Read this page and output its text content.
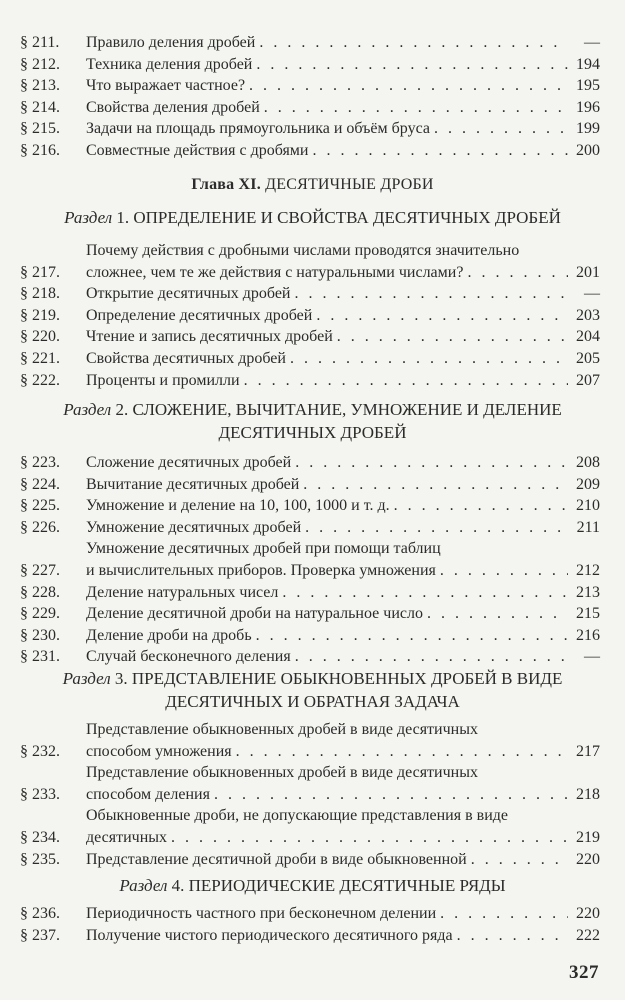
§ 211.	Правило деления дробей . . .	—
§ 212.	Техника деления дробей . . .	194
§ 213.	Что выражает частное? . . .	195
§ 214.	Свойства деления дробей . . .	196
§ 215.	Задачи на площадь прямоугольника и объём бруса . . .	199
§ 216.	Совместные действия с дробями . . .	200
Глава XI. ДЕСЯТИЧНЫЕ ДРОБИ
Раздел 1. ОПРЕДЕЛЕНИЕ И СВОЙСТВА ДЕСЯТИЧНЫХ ДРОБЕЙ
§ 217.
Почему действия с дробными числами проводятся значительно
сложнее, чем те же действия с натуральными числами? . . .	201
§ 218.	Открытие десятичных дробей . . .	—
§ 219.	Определение десятичных дробей . . .	203
§ 220.	Чтение и запись десятичных дробей . . .	204
§ 221.	Свойства десятичных дробей . . .	205
§ 222.	Проценты и промилли . . .	207
Раздел 2. СЛОЖЕНИЕ, ВЫЧИТАНИЕ, УМНОЖЕНИЕ И ДЕЛЕНИЕ
ДЕСЯТИЧНЫХ ДРОБЕЙ
§ 223.	Сложение десятичных дробей . . .	208
§ 224.	Вычитание десятичных дробей . . .	209
§ 225.	Умножение и деление на 10, 100, 1000 и т. д. . . .	210
§ 226.	Умножение десятичных дробей . . .	211
§ 227.
Умножение десятичных дробей при помощи таблиц
и вычислительных приборов. Проверка умножения . . .	212
§ 228.	Деление натуральных чисел . . .	213
§ 229.	Деление десятичной дроби на натуральное число . . .	215
§ 230.	Деление дроби на дробь . . .	216
§ 231.	Случай бесконечного деления . . .	—
Раздел 3. ПРЕДСТАВЛЕНИЕ ОБЫКНОВЕННЫХ ДРОБЕЙ В ВИДЕ
ДЕСЯТИЧНЫХ И ОБРАТНАЯ ЗАДАЧА
§ 232.
Представление обыкновенных дробей в виде десятичных
способом умножения . . .	217
§ 233.
Представление обыкновенных дробей в виде десятичных
способом деления . . .	218
§ 234.
Обыкновенные дроби, не допускающие представления в виде
десятичных . . .	219
§ 235.	Представление десятичной дроби в виде обыкновенной . . .	220
Раздел 4. ПЕРИОДИЧЕСКИЕ ДЕСЯТИЧНЫЕ РЯДЫ
§ 236.	Периодичность частного при бесконечном делении . . .	220
§ 237.	Получение чистого периодического десятичного ряда . . .	222
327
